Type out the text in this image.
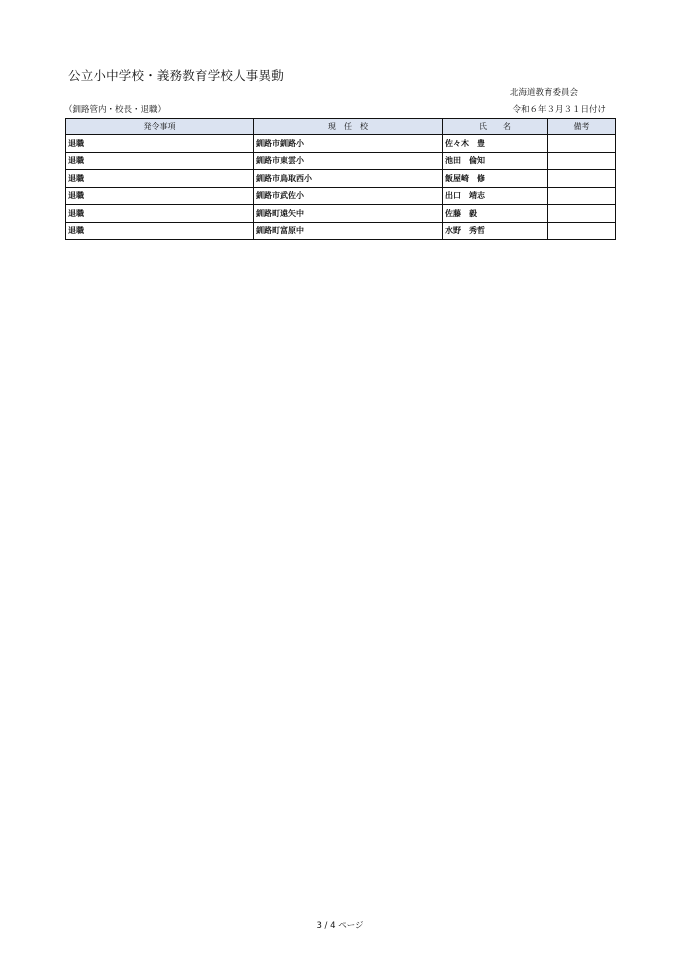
公立小中学校・義務教育学校人事異動
北海道教育委員会
（釧路管内・校長・退職）	令和６年３月３１日付け
発令事項	現　任　校	氏　　名	備考
退職	釧路市釧路小	佐々木　豊	
退職	釧路市東雲小	池田　倫知	
退職	釧路市鳥取西小	飯屋崎　修	
退職	釧路市武佐小	出口　靖志	
退職	釧路町遠矢中	佐藤　毅	
退職	釧路町富原中	水野　秀哲	
3 / 4 ページ
